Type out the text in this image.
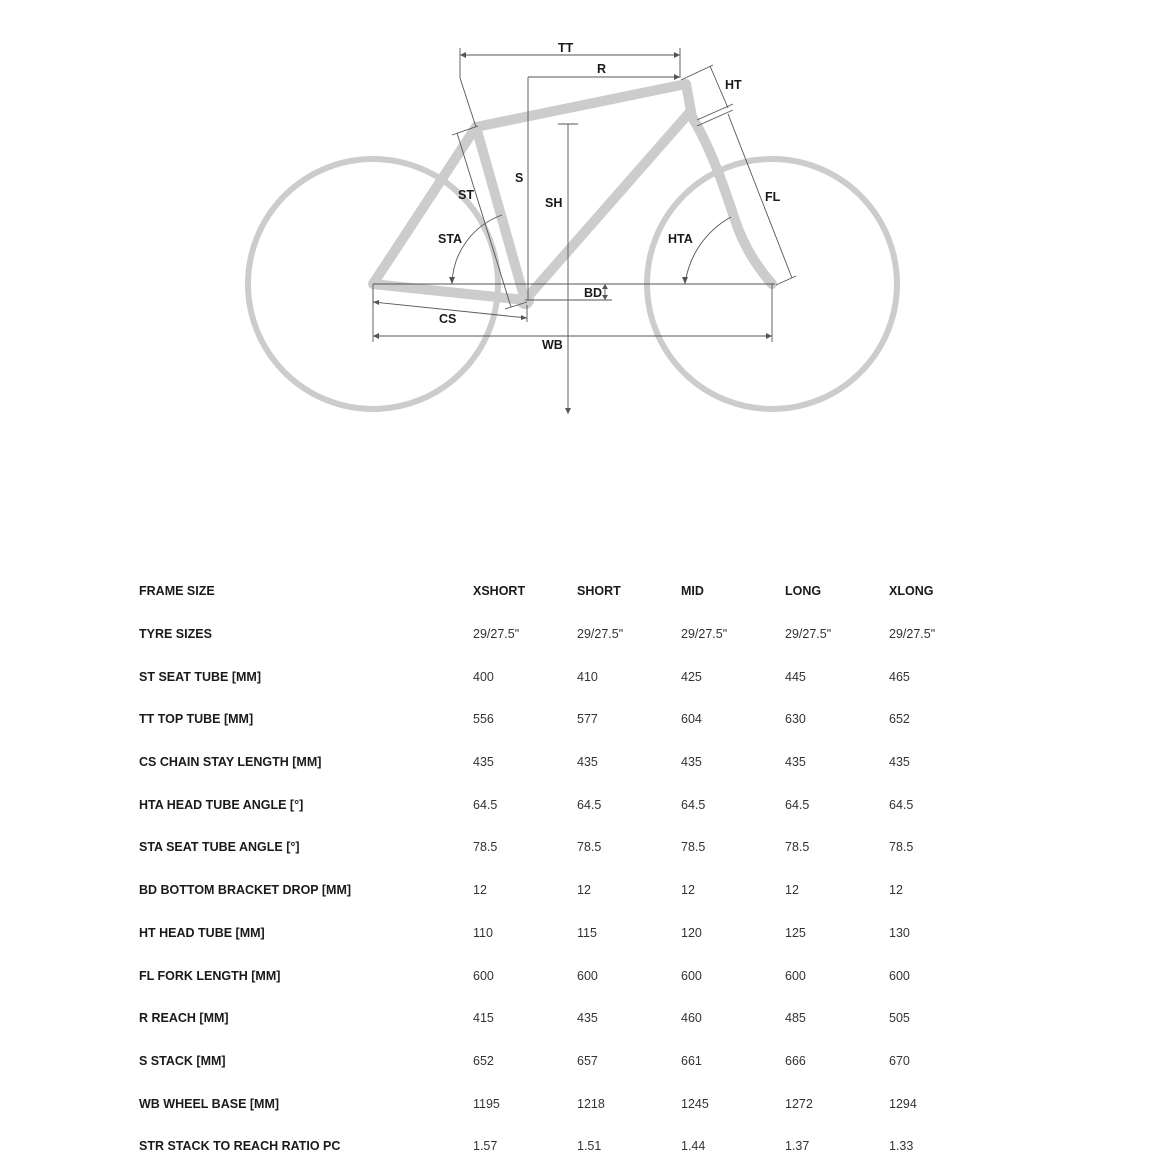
TT
R
S
SH
HT
FL
HTA
ST
STA
BD
CS
WB
FRAME SIZE	XSHORT	SHORT	MID	LONG	XLONG
TYRE SIZES	29/27.5"	29/27.5"	29/27.5"	29/27.5"	29/27.5"
ST SEAT TUBE [MM]	400	410	425	445	465
TT TOP TUBE [MM]	556	577	604	630	652
CS CHAIN STAY LENGTH [MM]	435	435	435	435	435
HTA HEAD TUBE ANGLE [°]	64.5	64.5	64.5	64.5	64.5
STA SEAT TUBE ANGLE [°]	78.5	78.5	78.5	78.5	78.5
BD BOTTOM BRACKET DROP [MM]	12	12	12	12	12
HT HEAD TUBE [MM]	110	115	120	125	130
FL FORK LENGTH [MM]	600	600	600	600	600
R REACH [MM]	415	435	460	485	505
S STACK [MM]	652	657	661	666	670
WB WHEEL BASE [MM]	1195	1218	1245	1272	1294
STR STACK TO REACH RATIO PC	1.57	1.51	1.44	1.37	1.33
